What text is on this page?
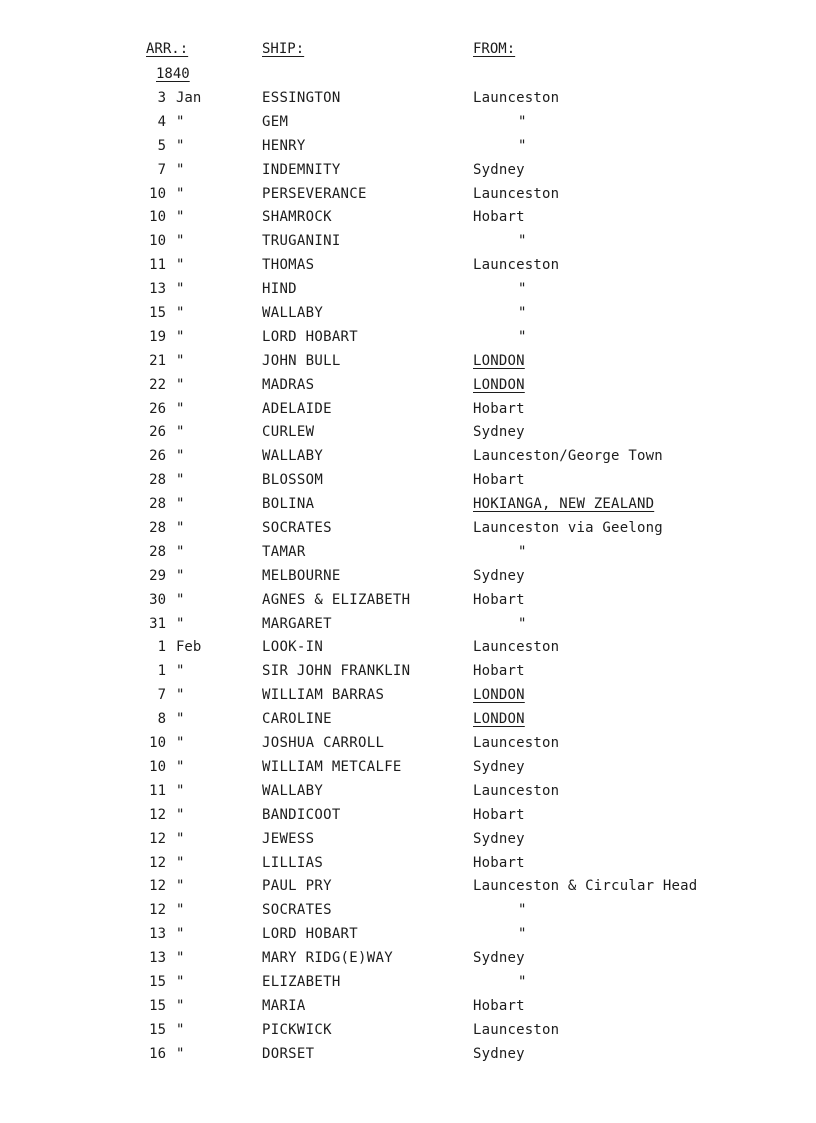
ARR.:	SHIP:	FROM:
1840
3 Jan	ESSINGTON	Launceston
4 "	GEM	"
5 "	HENRY	"
7 "	INDEMNITY	Sydney
10 "	PERSEVERANCE	Launceston
10 "	SHAMROCK	Hobart
10 "	TRUGANINI	"
11 "	THOMAS	Launceston
13 "	HIND	"
15 "	WALLABY	"
19 "	LORD HOBART	"
21 "	JOHN BULL	LONDON
22 "	MADRAS	LONDON
26 "	ADELAIDE	Hobart
26 "	CURLEW	Sydney
26 "	WALLABY	Launceston/George Town
28 "	BLOSSOM	Hobart
28 "	BOLINA	HOKIANGA, NEW ZEALAND
28 "	SOCRATES	Launceston via Geelong
28 "	TAMAR	"
29 "	MELBOURNE	Sydney
30 "	AGNES & ELIZABETH	Hobart
31 "	MARGARET	"
1 Feb	LOOK-IN	Launceston
1 "	SIR JOHN FRANKLIN	Hobart
7 "	WILLIAM BARRAS	LONDON
8 "	CAROLINE	LONDON
10 "	JOSHUA CARROLL	Launceston
10 "	WILLIAM METCALFE	Sydney
11 "	WALLABY	Launceston
12 "	BANDICOOT	Hobart
12 "	JEWESS	Sydney
12 "	LILLIAS	Hobart
12 "	PAUL PRY	Launceston & Circular Head
12 "	SOCRATES	"
13 "	LORD HOBART	"
13 "	MARY RIDG(E)WAY	Sydney
15 "	ELIZABETH	"
15 "	MARIA	Hobart
15 "	PICKWICK	Launceston
16 "	DORSET	Sydney
